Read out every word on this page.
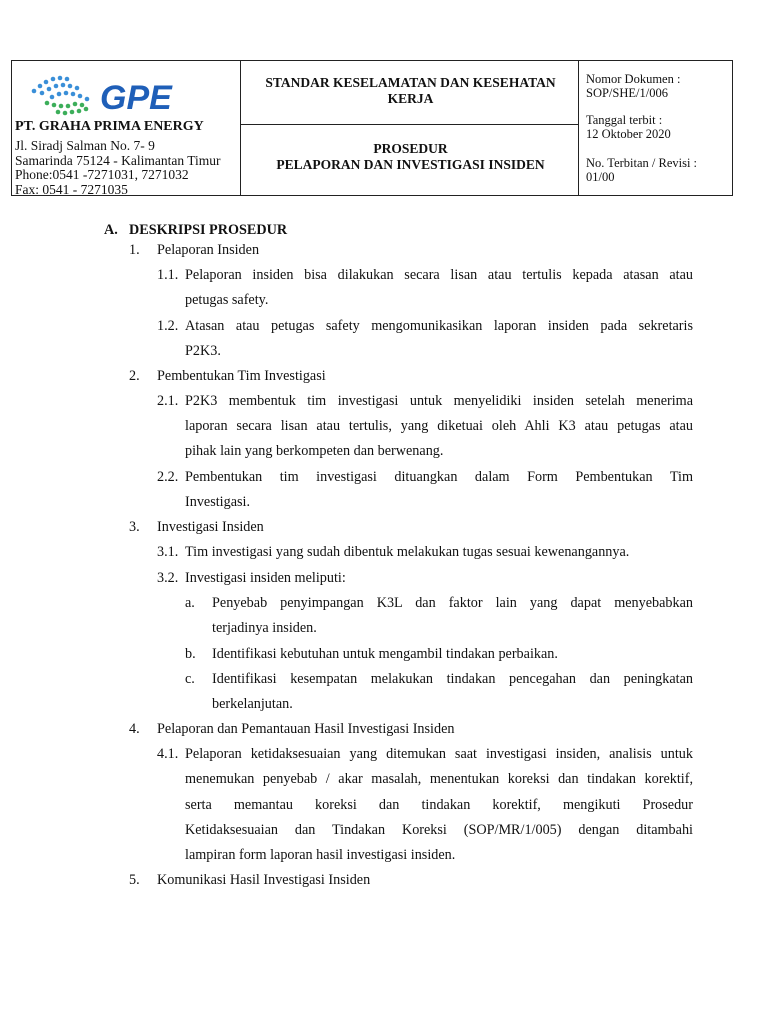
GPE
PT. GRAHA PRIMA ENERGY
Jl. Siradj Salman No. 7- 9
Samarinda 75124 - Kalimantan Timur
Phone:0541 -7271031, 7271032
Fax: 0541 - 7271035
STANDAR KESELAMATAN DAN KESEHATAN KERJA
PROSEDUR
PELAPORAN DAN INVESTIGASI INSIDEN
Nomor Dokumen :
SOP/SHE/1/006
Tanggal terbit :
12 Oktober 2020
No. Terbitan / Revisi :
01/00
A. DESKRIPSI PROSEDUR
1. Pelaporan Insiden
1.1. Pelaporan insiden bisa dilakukan secara lisan atau tertulis kepada atasan atau
petugas safety.
1.2. Atasan atau petugas safety mengomunikasikan laporan insiden pada sekretaris
P2K3.
2. Pembentukan Tim Investigasi
2.1. P2K3 membentuk tim investigasi untuk menyelidiki insiden setelah menerima
laporan secara lisan atau tertulis, yang diketuai oleh Ahli K3 atau petugas atau
pihak lain yang berkompeten dan berwenang.
2.2. Pembentukan tim investigasi dituangkan dalam Form Pembentukan Tim
Investigasi.
3. Investigasi Insiden
3.1. Tim investigasi yang sudah dibentuk melakukan tugas sesuai kewenangannya.
3.2. Investigasi insiden meliputi:
a. Penyebab penyimpangan K3L dan faktor lain yang dapat menyebabkan
terjadinya insiden.
b. Identifikasi kebutuhan untuk mengambil tindakan perbaikan.
c. Identifikasi kesempatan melakukan tindakan pencegahan dan peningkatan
berkelanjutan.
4. Pelaporan dan Pemantauan Hasil Investigasi Insiden
4.1. Pelaporan ketidaksesuaian yang ditemukan saat investigasi insiden, analisis untuk
menemukan penyebab / akar masalah, menentukan koreksi dan tindakan korektif,
serta memantau koreksi dan tindakan korektif, mengikuti Prosedur
Ketidaksesuaian dan Tindakan Koreksi (SOP/MR/1/005) dengan ditambahi
lampiran form laporan hasil investigasi insiden.
5. Komunikasi Hasil Investigasi Insiden
